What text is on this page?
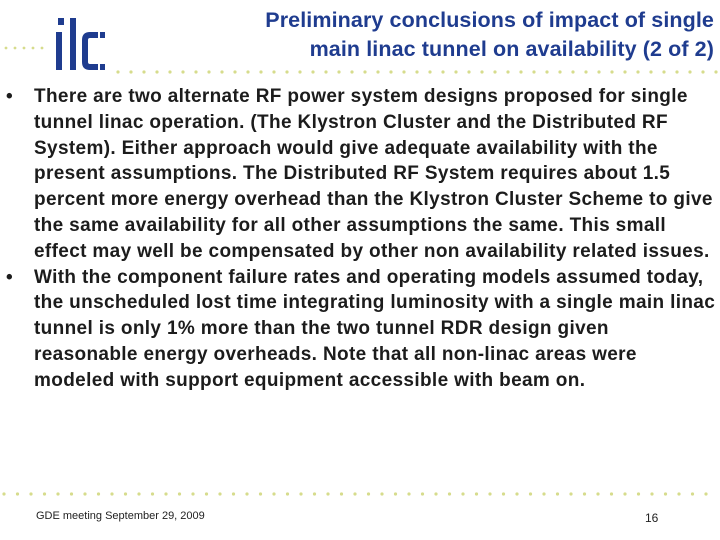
Preliminary conclusions of impact of single
main linac tunnel on availability (2 of 2)
•	There are two alternate RF power system designs proposed for single tunnel linac operation. (The Klystron Cluster and the Distributed RF System). Either approach would give adequate availability with the present assumptions. The Distributed RF System requires about 1.5 percent more energy overhead than the Klystron Cluster Scheme to give the same availability for all other assumptions the same. This small effect may well be compensated by other non availability related issues.
•	With the component failure rates and operating models assumed today, the unscheduled lost time integrating luminosity with a single main linac tunnel is only 1% more than the two tunnel RDR design given reasonable energy overheads. Note that all non-linac areas were modeled with support equipment accessible with beam on.
GDE meeting September 29, 2009	16
